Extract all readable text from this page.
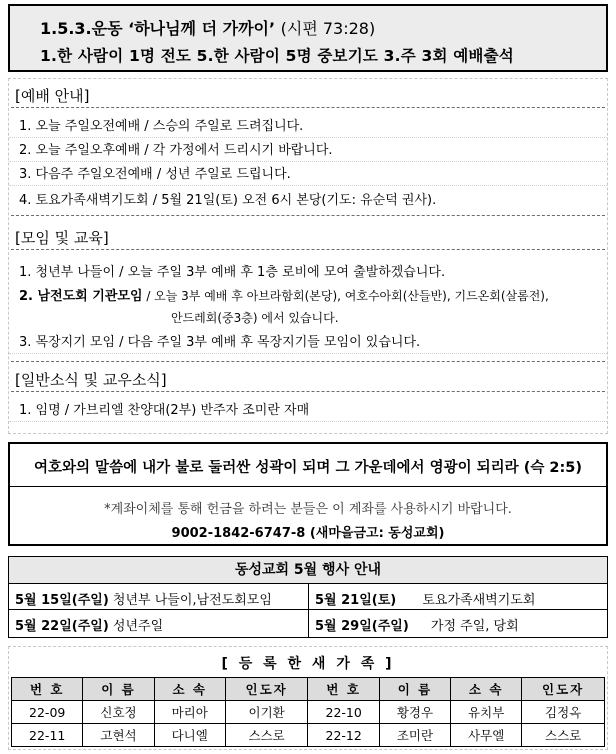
1.5.3.운동 ‘하나님께 더 가까이’ (시편 73:28)
1.한 사람이 1명 전도 5.한 사람이 5명 중보기도 3.주 3회 예배출석
[예배 안내]
1. 오늘 주일오전예배 / 스승의 주일로 드려집니다.
2. 오늘 주일오후예배 / 각 가정에서 드리시기 바랍니다.
3. 다음주 주일오전예배 / 성년 주일로 드립니다.
4. 토요가족새벽기도회 / 5월 21일(토) 오전 6시 본당(기도: 유순덕 권사).
[모임 및 교육]
1. 청년부 나들이 / 오늘 주일 3부 예배 후 1층 로비에 모여 출발하겠습니다.
2. 남전도회 기관모임 / 오늘 3부 예배 후 아브라함회(본당), 여호수아회(산들반), 기드온회(살롬전),
안드레회(중3층) 에서 있습니다.
3. 목장지기 모임 / 다음 주일 3부 예배 후 목장지기들 모임이 있습니다.
[일반소식 및 교우소식]
1. 임명 / 가브리엘 찬양대(2부) 반주자 조미란 자매
여호와의 말씀에 내가 불로 둘러싼 성곽이 되며 그 가운데에서 영광이 되리라 (슥 2:5)
*계좌이체를 통해 헌금을 하려는 분들은 이 계좌를 사용하시기 바랍니다.
9002-1842-6747-8 (새마을금고: 동성교회)
동성교회 5월 행사 안내
5월 15일(주일) 청년부 나들이,남전도회모임	5월 21일(토) 토요가족새벽기도회
5월 22일(주일) 성년주일	5월 29일(주일) 가정 주일, 당회
[ 등 록 한 새 가 족 ]
번 호	이 름	소 속	인도자	번 호	이 름	소 속	인도자
22-09	신호정	마리아	이기환	22-10	황경우	유치부	김정옥
22-11	고현석	다니엘	스스로	22-12	조미란	사무엘	스스로
